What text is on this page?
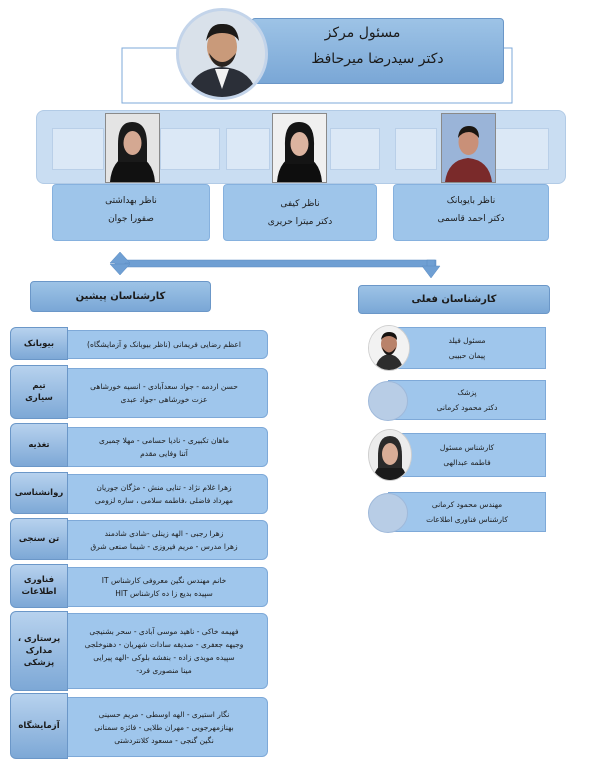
مسئول مرکز
دکتر سیدرضا میرحافظ
ناظر بهداشتی
صفورا جوان
ناظر کیفی
دکتر میترا حریری
ناظر بایوبانک
دکتر احمد قاسمی
کارشناسان پیشین	کارشناسان فعلی
اعظم رضایی فریمانی (ناظر بیوبانک و آزمایشگاه)
بیوبانک
حسن اردمه - جواد سعدآبادی - انسیه خورشاهی
عزت خورشاهی -جواد عبدی
تیم سیاری
ماهان تکبیری - نادیا حسامی - مهلا چمبری
آتنا وفایی مقدم
تغذیه
زهرا غلام نژاد - تنایی منش - مژگان جوریان
مهرداد فاضلی ،فاطمه سلامی ، ساره لزومی
روانشناسی
زهرا رجبی - الهه زینلی -شادی شادمند
زهرا مدرس - مریم فیروزی - شیما صنعی شرق
تن سنجی
خانم مهندس نگین معروفی کارشناس IT
سپیده بدیع زا ده کارشناس HIT
فناوری اطلاعات
فهیمه خاکی - ناهید موسی آبادی - سحر بشنیجی
وجیهه جعفری - صدیقه سادات شهریان - دهنوخلجی
سپیده مویدی زاده - بنفشه بلوکی -الهه پیرایی
مینا منصوری فرد-
پرستاری ، مدارک پزشکی
نگار استیری - الهه اوسطی - مریم حسینی
بهنازمهرجویی - مهران طلایی - فائزه سمنانی
نگین گنجی - مسعود کلانتردشتی
آزمایشگاه
مسئول فیلد
پیمان حبیبی
پزشک
دکتر محمود کرمانی
کارشناس مسئول
فاطمه عبدالهی
مهندس محمود کرمانی
کارشناس فناوری اطلاعات
